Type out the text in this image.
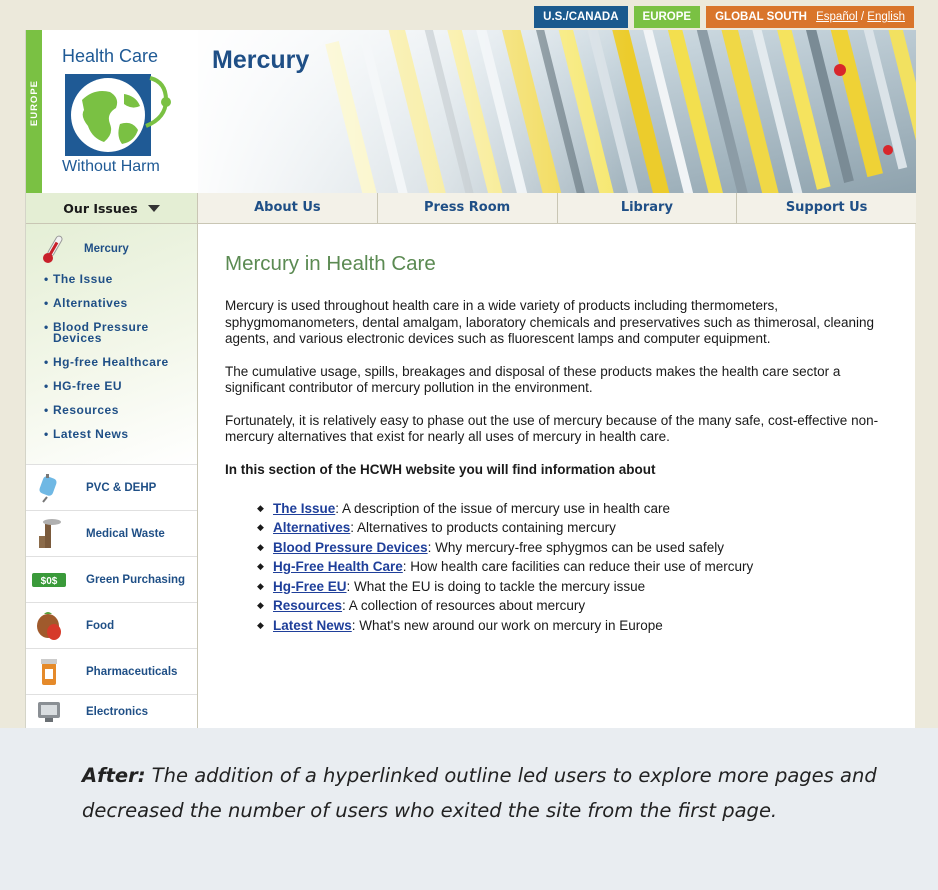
U.S./CANADA	EUROPE	GLOBAL SOUTH Español / English
EUROPE
Health Care
Without Harm
Mercury
Our Issues	About Us	Press Room	Library	Support Us
Mercury
• The Issue
• Alternatives
• Blood Pressure Devices
• Hg-free Healthcare
• HG-free EU
• Resources
• Latest News
PVC & DEHP
Medical Waste
$0$ Green Purchasing
Food
Pharmaceuticals
Electronics
Mercury in Health Care

Mercury is used throughout health care in a wide variety of products including thermometers, sphygmomanometers, dental amalgam, laboratory chemicals and preservatives such as thimerosal, cleaning agents, and various electronic devices such as fluorescent lamps and computer equipment.

The cumulative usage, spills, breakages and disposal of these products makes the health care sector a significant contributor of mercury pollution in the environment.

Fortunately, it is relatively easy to phase out the use of mercury because of the many safe, cost-effective non-mercury alternatives that exist for nearly all uses of mercury in health care.

In this section of the HCWH website you will find information about

◆ The Issue: A description of the issue of mercury use in health care
◆ Alternatives: Alternatives to products containing mercury
◆ Blood Pressure Devices: Why mercury-free sphygmos can be used safely
◆ Hg-Free Health Care: How health care facilities can reduce their use of mercury
◆ Hg-Free EU: What the EU is doing to tackle the mercury issue
◆ Resources: A collection of resources about mercury
◆ Latest News: What's new around our work on mercury in Europe

After: The addition of a hyperlinked outline led users to explore more pages and decreased the number of users who exited the site from the first page.
